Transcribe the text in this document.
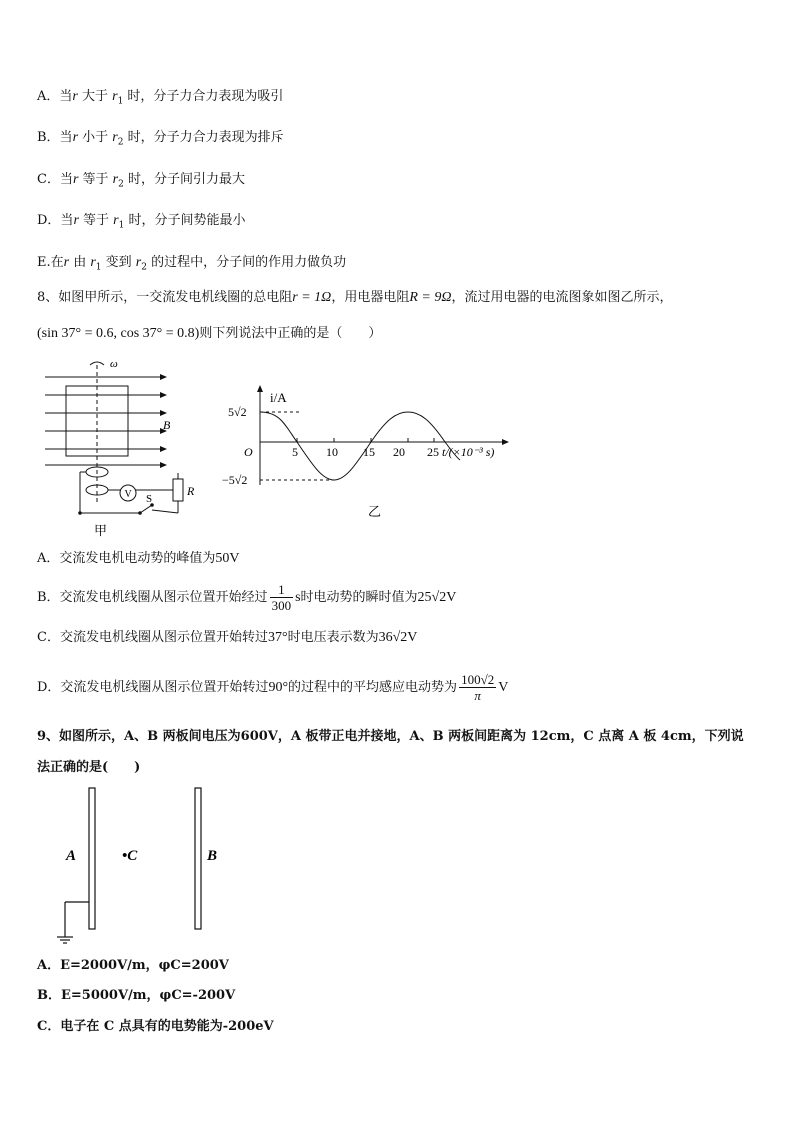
A．当r 大于 $r_1$ 时，分子力合力表现为吸引
B．当r 小于 $r_2$ 时，分子力合力表现为排斥
C．当r 等于 $r_2$ 时，分子间引力最大
D．当r 等于 $r_1$ 时，分子间势能最小
E.在r 由 $r_1$ 变到 $r_2$ 的过程中，分子间的作用力做负功
8、如图甲所示，一交流发电机线圈的总电阻r = 1Ω，用电器电阻R = 9Ω，流过用电器的电流图象如图乙所示，
(sin 37° = 0.6, cos 37° = 0.8)则下列说法中正确的是（　　）
ω
B
V S
R
甲
i/A
5√2
O
−5√2
5 10 15 20 25 t/(×10⁻³ s)
乙
A．交流发电机电动势的峰值为50V
B．交流发电机线圈从图示位置开始经过 $\frac{1}{300}$ s时电动势的瞬时值为25√2V
C．交流发电机线圈从图示位置开始转过37°时电压表示数为36√2V
D．交流发电机线圈从图示位置开始转过90°的过程中的平均感应电动势为 $\frac{100√2}{\pi}$ V
9、如图所示，A、B 两板间电压为600V，A 板带正电并接地，A、B 两板间距离为 12cm，C 点离 A 板 4cm，下列说
法正确的是(　　)
A	•C	B
A．E=2000V/m，φC=200V
B．E=5000V/m，φC=-200V
C．电子在 C 点具有的电势能为-200eV
